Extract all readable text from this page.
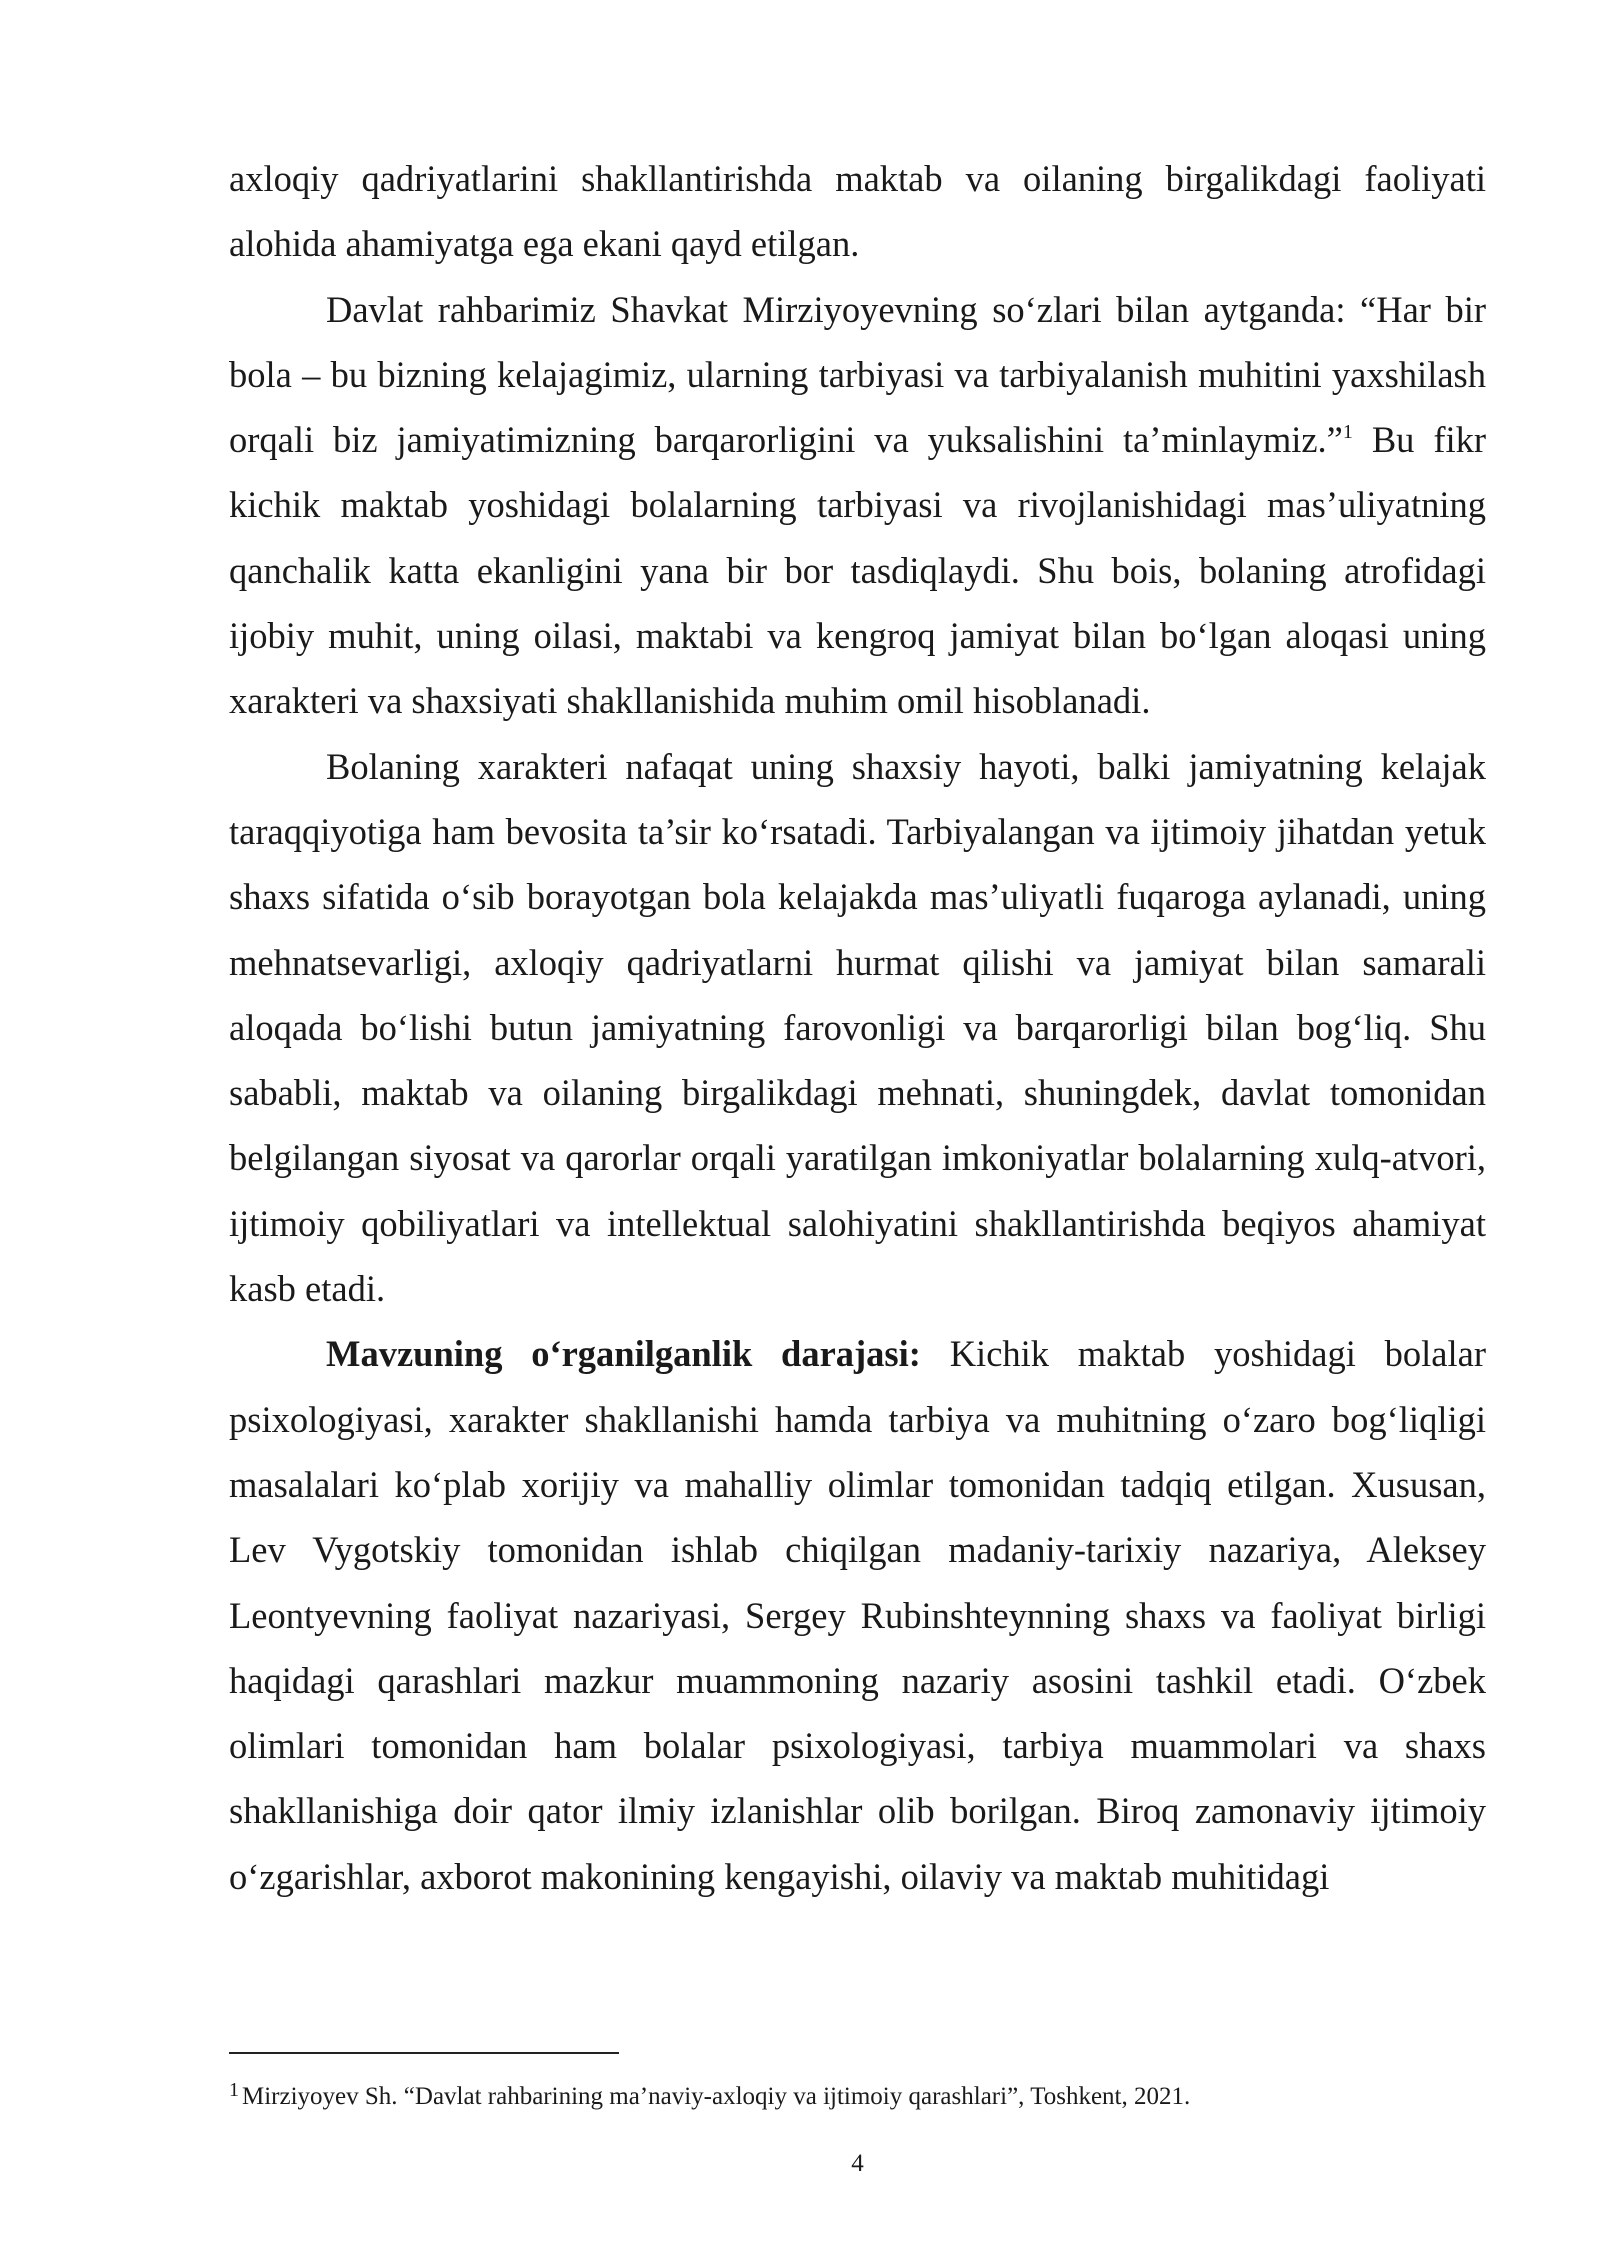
axloqiy qadriyatlarini shakllantirishda maktab va oilaning birgalikdagi faoliyati alohida ahamiyatga ega ekani qayd etilgan.

Davlat rahbarimiz Shavkat Mirziyoyevning so‘zlari bilan aytganda: “Har bir bola – bu bizning kelajagimiz, ularning tarbiyasi va tarbiyalanish muhitini yaxshilash orqali biz jamiyatimizning barqarorligini va yuksalishini ta’minlaymiz.”$^1$ Bu fikr kichik maktab yoshidagi bolalarning tarbiyasi va rivojlanishidagi mas’uliyatning qanchalik katta ekanligini yana bir bor tasdiqlaydi. Shu bois, bolaning atrofidagi ijobiy muhit, uning oilasi, maktabi va kengroq jamiyat bilan bo‘lgan aloqasi uning xarakteri va shaxsiyati shakllanishida muhim omil hisoblanadi.

Bolaning xarakteri nafaqat uning shaxsiy hayoti, balki jamiyatning kelajak taraqqiyotiga ham bevosita ta’sir ko‘rsatadi. Tarbiyalangan va ijtimoiy jihatdan yetuk shaxs sifatida o‘sib borayotgan bola kelajakda mas’uliyatli fuqaroga aylanadi, uning mehnatsevarligi, axloqiy qadriyatlarni hurmat qilishi va jamiyat bilan samarali aloqada bo‘lishi butun jamiyatning farovonligi va barqarorligi bilan bog‘liq. Shu sababli, maktab va oilaning birgalikdagi mehnati, shuningdek, davlat tomonidan belgilangan siyosat va qarorlar orqali yaratilgan imkoniyatlar bolalarning xulq-atvori, ijtimoiy qobiliyatlari va intellektual salohiyatini shakllantirishda beqiyos ahamiyat kasb etadi.

Mavzuning o‘rganilganlik darajasi: Kichik maktab yoshidagi bolalar psixologiyasi, xarakter shakllanishi hamda tarbiya va muhitning o‘zaro bog‘liqligi masalalari ko‘plab xorijiy va mahalliy olimlar tomonidan tadqiq etilgan. Xususan, Lev Vygotskiy tomonidan ishlab chiqilgan madaniy-tarixiy nazariya, Aleksey Leontyevning faoliyat nazariyasi, Sergey Rubinshteynning shaxs va faoliyat birligi haqidagi qarashlari mazkur muammoning nazariy asosini tashkil etadi. O‘zbek olimlari tomonidan ham bolalar psixologiyasi, tarbiya muammolari va shaxs shakllanishiga doir qator ilmiy izlanishlar olib borilgan. Biroq zamonaviy ijtimoiy o‘zgarishlar, axborot makonining kengayishi, oilaviy va maktab muhitidagi

$^1$ Mirziyoyev Sh. “Davlat rahbarining ma’naviy-axloqiy va ijtimoiy qarashlari”, Toshkent, 2021.
4
